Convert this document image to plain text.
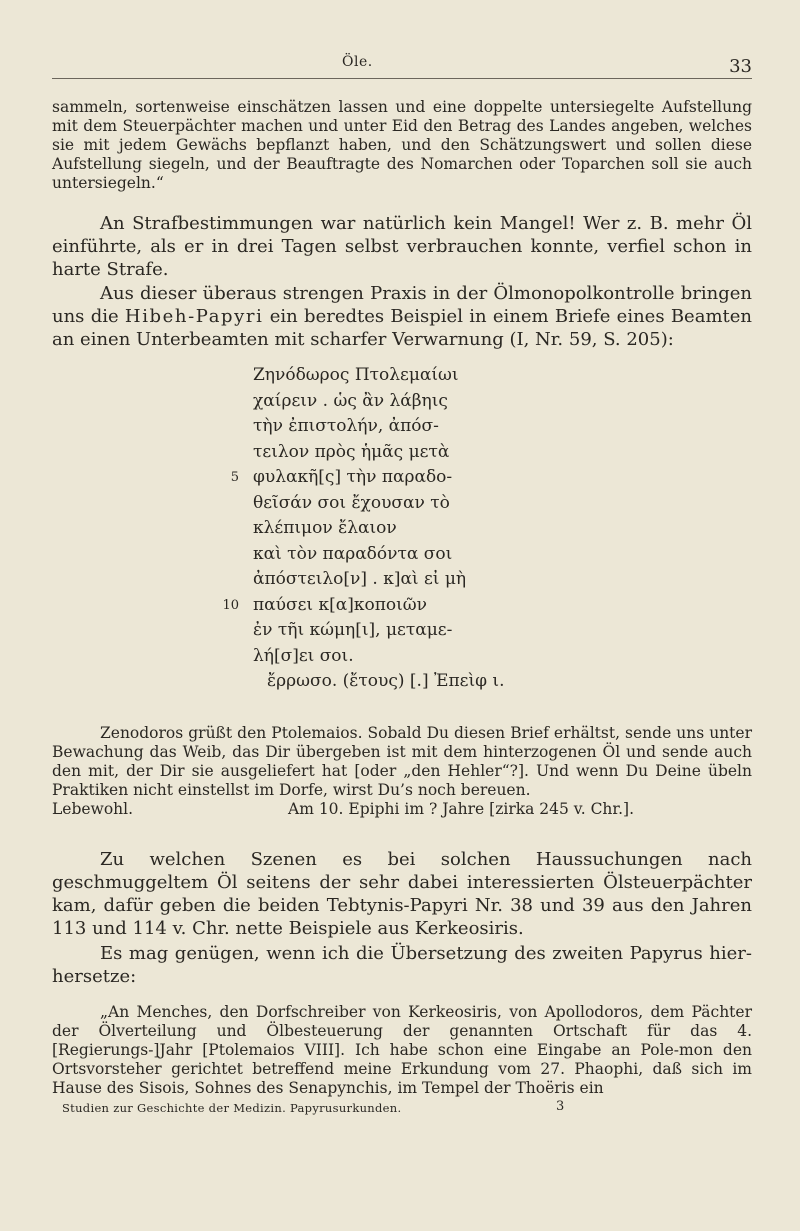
Öle.	33

sammeln, sortenweise einschätzen lassen und eine doppelte untersiegelte Aufstellung mit dem Steuerpächter machen und unter Eid den Betrag des Landes angeben, welches sie mit jedem Gewächs bepflanzt haben, und den Schätzungswert und sollen diese Aufstellung siegeln, und der Beauftragte des Nomarchen oder Toparchen soll sie auch untersiegeln.“

An Strafbestimmungen war natürlich kein Mangel! Wer z. B. mehr Öl einführte, als er in drei Tagen selbst verbrauchen konnte, verfiel schon in harte Strafe.

Aus dieser überaus strengen Praxis in der Ölmonopolkontrolle bringen uns die Hibeh-Papyri ein beredtes Beispiel in einem Briefe eines Beamten an einen Unterbeamten mit scharfer Verwarnung (I, Nr. 59, S. 205):

Ζηνόδωρος Πτολεμαίωι
χαίρειν . ὡς ἂν λάβηις
τὴν ἐπιστολήν, ἀπόσ-
τειλον πρὸς ἡμᾶς μετὰ
5 φυλακῆ[ς] τὴν παραδο-
θεῖσάν σοι ἔχουσαν τὸ
κλέπιμον ἔλαιον
καὶ τὸν παραδόντα σοι
ἀπόστειλο[ν] . κ]αὶ εἰ μὴ
10 παύσει κ[α]κοποιῶν
ἐν τῆι κώμη[ι], μεταμε-
λή[σ]ει σοι.
ἔρρωσο. (ἔτους) [.] Ἐπεὶφ ι.

Zenodoros grüßt den Ptolemaios. Sobald Du diesen Brief erhältst, sende uns unter Bewachung das Weib, das Dir übergeben ist mit dem hinterzogenen Öl und sende auch den mit, der Dir sie ausgeliefert hat [oder „den Hehler“?]. Und wenn Du Deine übeln Praktiken nicht einstellst im Dorfe, wirst Du’s noch bereuen.

Lebewohl.	Am 10. Epiphi im ? Jahre [zirka 245 v. Chr.].

Zu welchen Szenen es bei solchen Haussuchungen nach geschmuggeltem Öl seitens der sehr dabei interessierten Ölsteuerpächter kam, dafür geben die beiden Tebtynis-Papyri Nr. 38 und 39 aus den Jahren 113 und 114 v. Chr. nette Beispiele aus Kerkeosiris.

Es mag genügen, wenn ich die Übersetzung des zweiten Papyrus hier-hersetze:

„An Menches, den Dorfschreiber von Kerkeosiris, von Apollodoros, dem Pächter der Ölverteilung und Ölbesteuerung der genannten Ortschaft für das 4. [Regierungs-]Jahr [Ptolemaios VIII]. Ich habe schon eine Eingabe an Pole-mon den Ortsvorsteher gerichtet betreffend meine Erkundung vom 27. Phaophi, daß sich im Hause des Sisois, Sohnes des Senapynchis, im Tempel der Thoëris ein

Studien zur Geschichte der Medizin. Papyrusurkunden.	3
